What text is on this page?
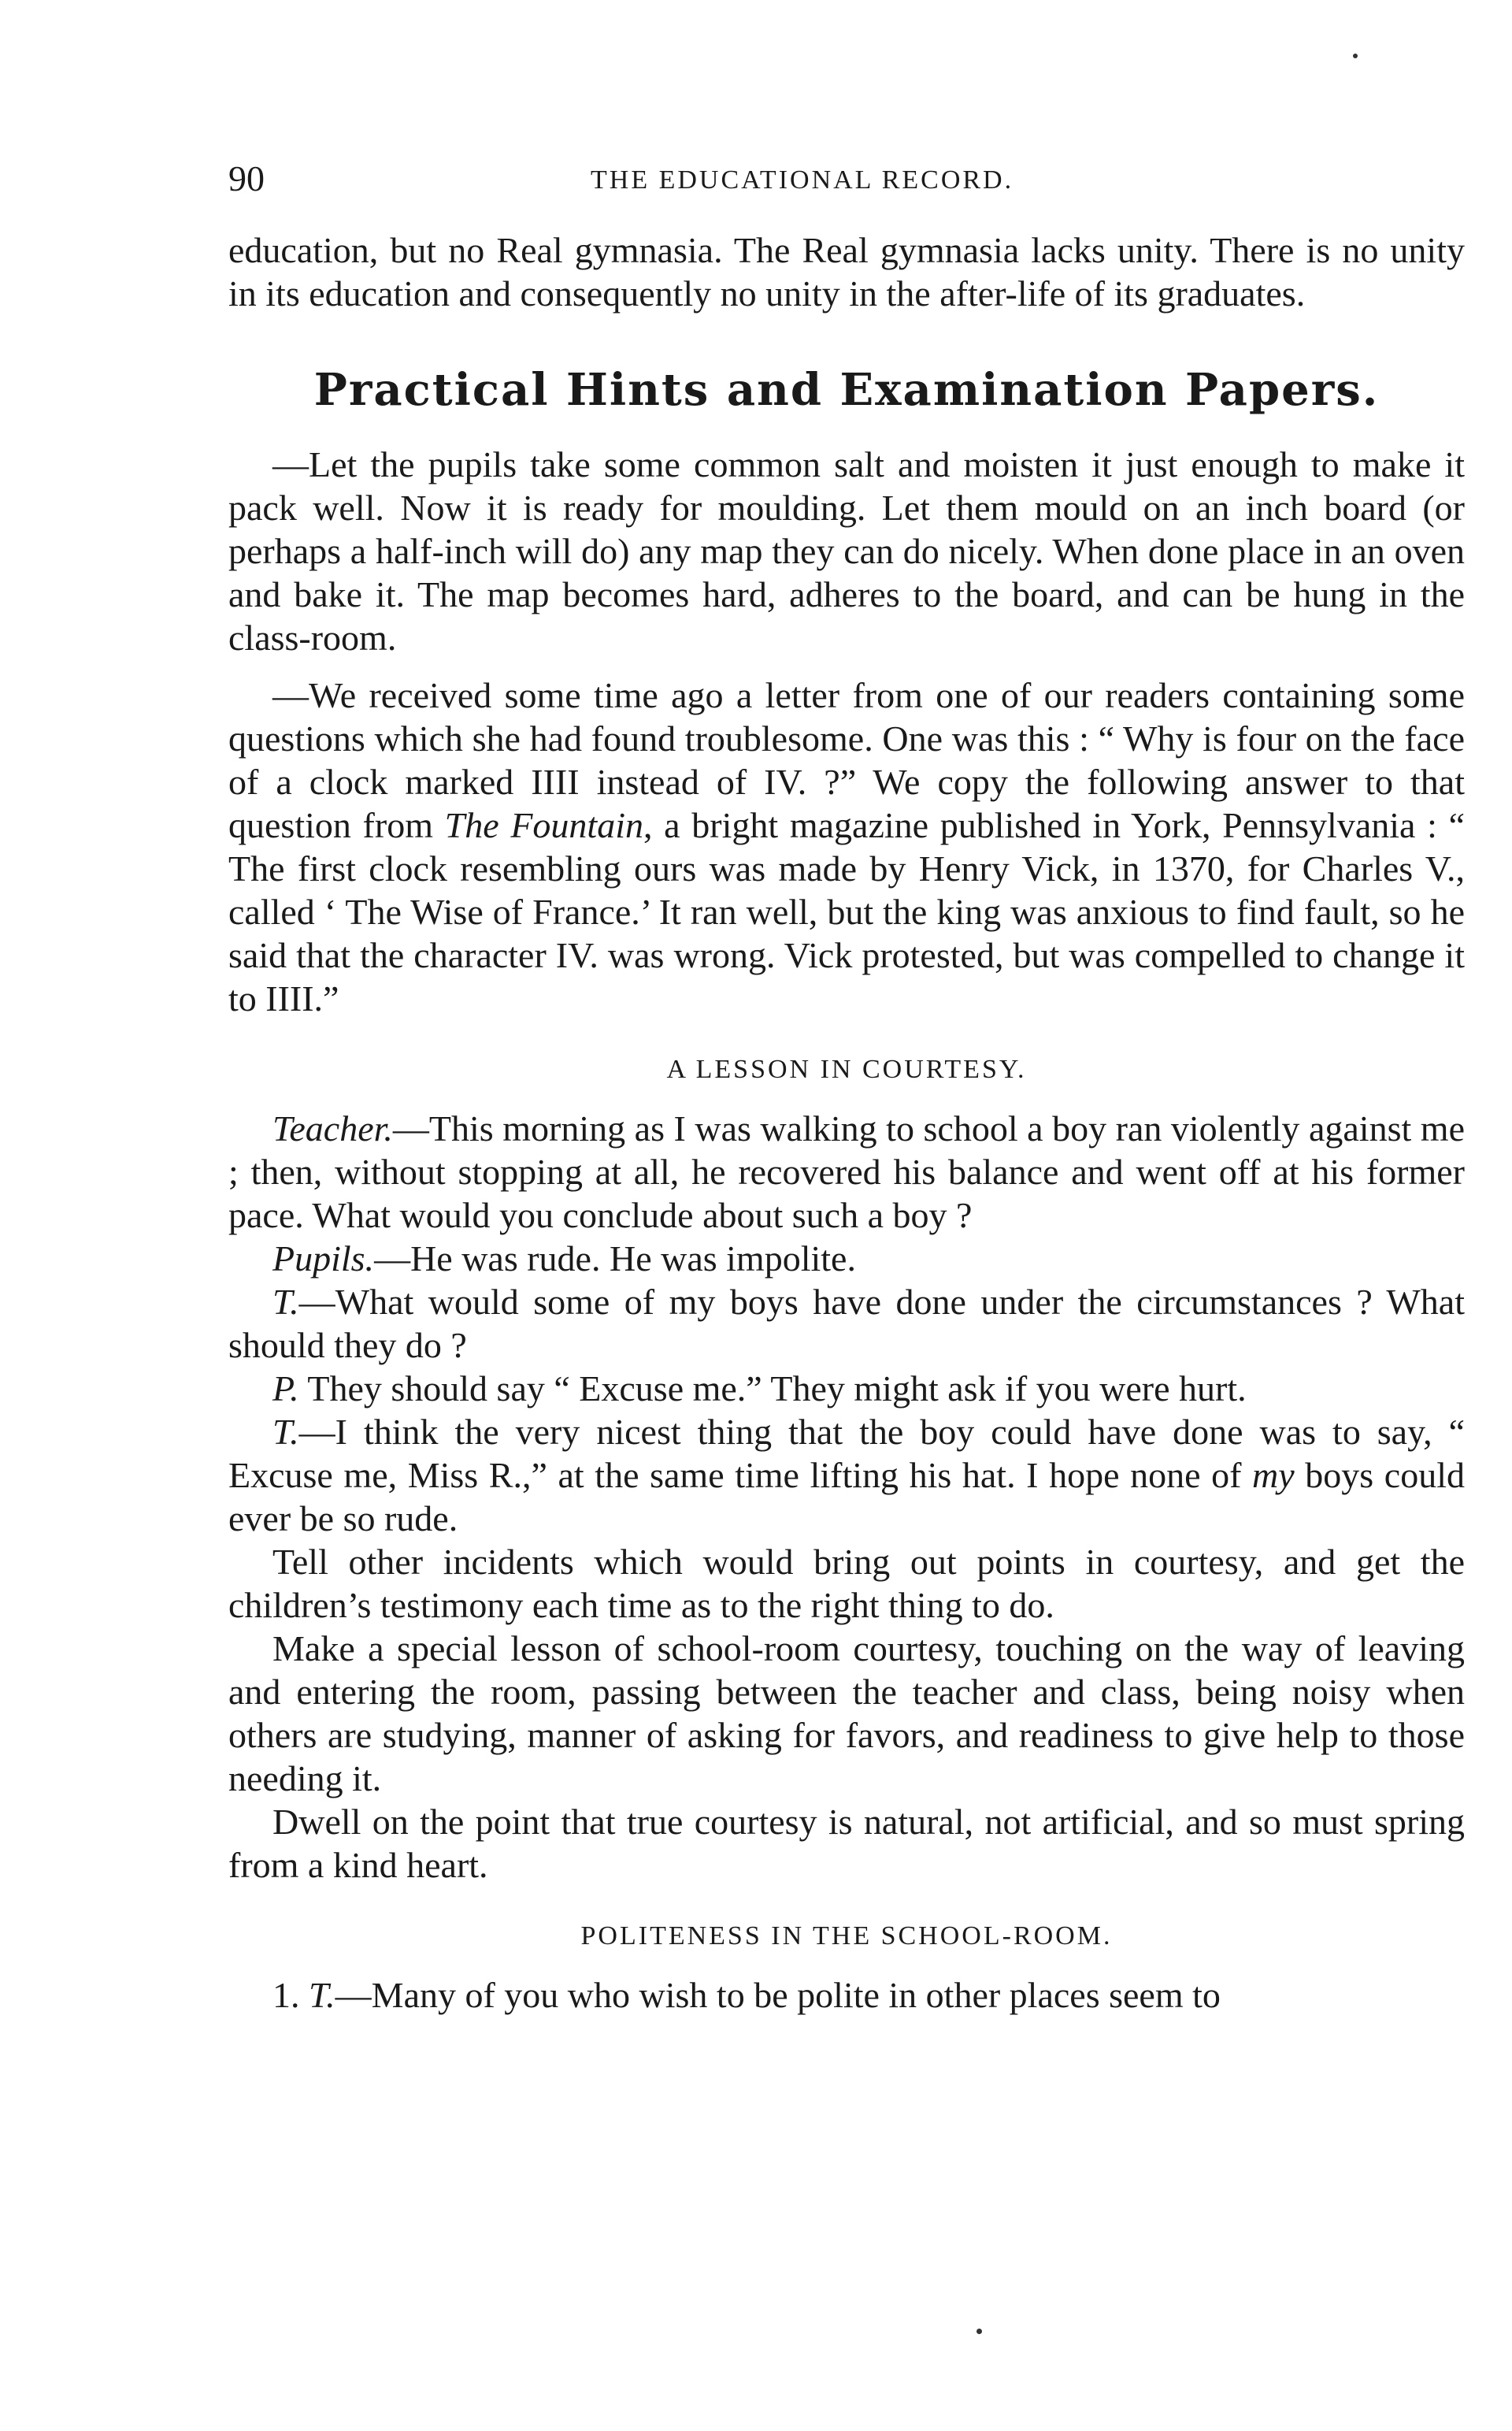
90	THE EDUCATIONAL RECORD.

education, but no Real gymnasia. The Real gymnasia lacks unity. There is no unity in its education and consequently no unity in the after-life of its graduates.

Practical Hints and Examination Papers.

—Let the pupils take some common salt and moisten it just enough to make it pack well. Now it is ready for moulding. Let them mould on an inch board (or perhaps a half-inch will do) any map they can do nicely. When done place in an oven and bake it. The map becomes hard, adheres to the board, and can be hung in the class-room.

—We received some time ago a letter from one of our readers containing some questions which she had found troublesome. One was this : “ Why is four on the face of a clock marked IIII instead of IV. ?” We copy the following answer to that question from The Fountain, a bright magazine published in York, Pennsylvania : “ The first clock resembling ours was made by Henry Vick, in 1370, for Charles V., called ‘ The Wise of France.’ It ran well, but the king was anxious to find fault, so he said that the character IV. was wrong. Vick protested, but was compelled to change it to IIII.”

A LESSON IN COURTESY.

Teacher.—This morning as I was walking to school a boy ran violently against me ; then, without stopping at all, he recovered his balance and went off at his former pace. What would you conclude about such a boy ?

Pupils.—He was rude. He was impolite.

T.—What would some of my boys have done under the circumstances ? What should they do ?

P. They should say “ Excuse me.” They might ask if you were hurt.

T.—I think the very nicest thing that the boy could have done was to say, “ Excuse me, Miss R.,” at the same time lifting his hat. I hope none of my boys could ever be so rude.

Tell other incidents which would bring out points in courtesy, and get the children’s testimony each time as to the right thing to do.

Make a special lesson of school-room courtesy, touching on the way of leaving and entering the room, passing between the teacher and class, being noisy when others are studying, manner of asking for favors, and readiness to give help to those needing it.

Dwell on the point that true courtesy is natural, not artificial, and so must spring from a kind heart.

POLITENESS IN THE SCHOOL-ROOM.

1. T.—Many of you who wish to be polite in other places seem to
